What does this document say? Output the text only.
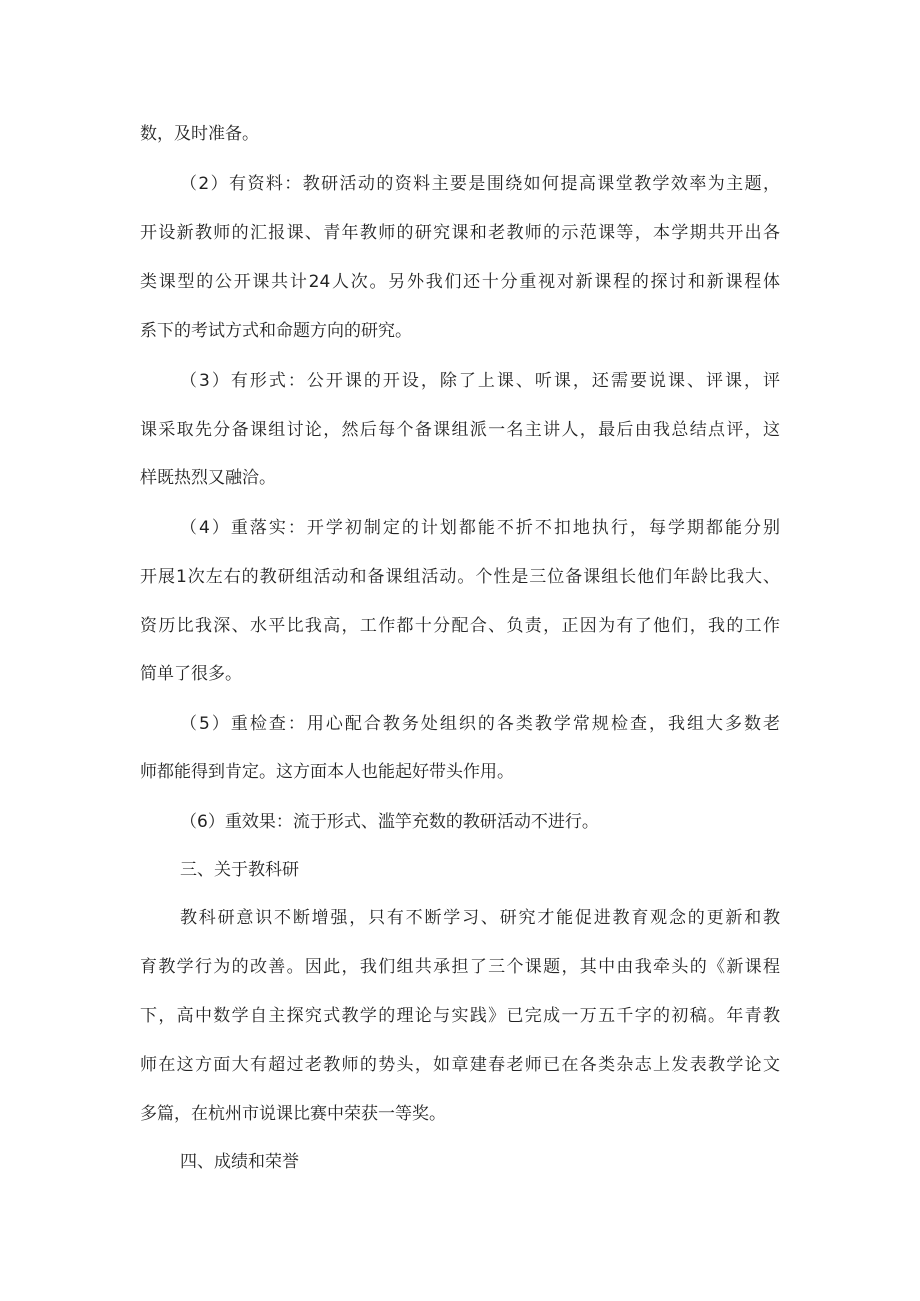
数，及时准备。

（2）有资料：教研活动的资料主要是围绕如何提高课堂教学效率为主题，

开设新教师的汇报课、青年教师的研究课和老教师的示范课等，本学期共开出各

类课型的公开课共计24人次。另外我们还十分重视对新课程的探讨和新课程体

系下的考试方式和命题方向的研究。

（3）有形式：公开课的开设，除了上课、听课，还需要说课、评课，评

课采取先分备课组讨论，然后每个备课组派一名主讲人，最后由我总结点评，这

样既热烈又融洽。

（4）重落实：开学初制定的计划都能不折不扣地执行，每学期都能分别

开展1次左右的教研组活动和备课组活动。个性是三位备课组长他们年龄比我大、

资历比我深、水平比我高，工作都十分配合、负责，正因为有了他们，我的工作

简单了很多。

（5）重检查：用心配合教务处组织的各类教学常规检查，我组大多数老

师都能得到肯定。这方面本人也能起好带头作用。

（6）重效果：流于形式、滥竽充数的教研活动不进行。

三、关于教科研

教科研意识不断增强，只有不断学习、研究才能促进教育观念的更新和教

育教学行为的改善。因此，我们组共承担了三个课题，其中由我牵头的《新课程

下，高中数学自主探究式教学的理论与实践》已完成一万五千字的初稿。年青教

师在这方面大有超过老教师的势头，如章建春老师已在各类杂志上发表教学论文

多篇，在杭州市说课比赛中荣获一等奖。

四、成绩和荣誉
